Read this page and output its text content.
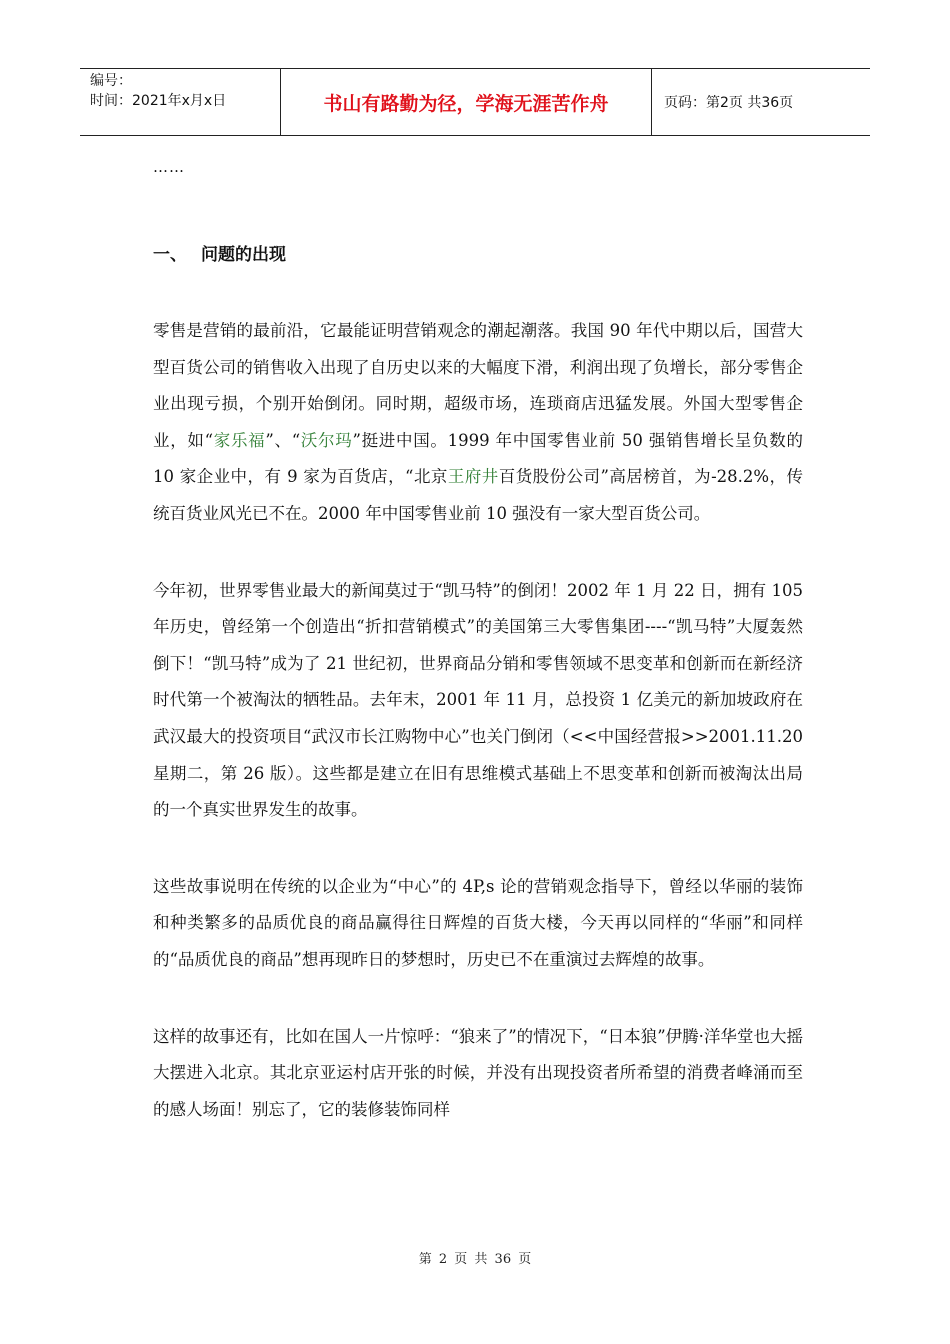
编号：
时间：2021年x月x日	书山有路勤为径，学海无涯苦作舟	页码：第2页 共36页
……
一、 问题的出现

零售是营销的最前沿，它最能证明营销观念的潮起潮落。我国 90 年代中期以后，国营大型百货公司的销售收入出现了自历史以来的大幅度下滑，利润出现了负增长，部分零售企业出现亏损，个别开始倒闭。同时期，超级市场，连琐商店迅猛发展。外国大型零售企业，如“家乐福”、“沃尔玛”挺进中国。1999 年中国零售业前 50 强销售增长呈负数的 10 家企业中，有 9 家为百货店，“北京王府井百货股份公司”高居榜首，为-28.2%，传统百货业风光已不在。2000 年中国零售业前 10 强没有一家大型百货公司。

今年初，世界零售业最大的新闻莫过于“凯马特”的倒闭！2002 年 1 月 22 日，拥有 105 年历史，曾经第一个创造出“折扣营销模式”的美国第三大零售集团----“凯马特”大厦轰然倒下！“凯马特”成为了 21 世纪初，世界商品分销和零售领域不思变革和创新而在新经济时代第一个被淘汰的牺牲品。去年末，2001 年 11 月，总投资 1 亿美元的新加坡政府在武汉最大的投资项目“武汉市长江购物中心”也关门倒闭（<<中国经营报>>2001.11.20 星期二，第 26 版）。这些都是建立在旧有思维模式基础上不思变革和创新而被淘汰出局的一个真实世界发生的故事。

这些故事说明在传统的以企业为“中心”的 4P,s 论的营销观念指导下，曾经以华丽的装饰和种类繁多的品质优良的商品赢得往日辉煌的百货大楼，今天再以同样的“华丽”和同样的“品质优良的商品”想再现昨日的梦想时，历史已不在重演过去辉煌的故事。

这样的故事还有，比如在国人一片惊呼：“狼来了”的情况下，“日本狼”伊腾·洋华堂也大摇大摆进入北京。其北京亚运村店开张的时候，并没有出现投资者所希望的消费者峰涌而至的感人场面！别忘了，它的装修装饰同样

第 2 页 共 36 页
